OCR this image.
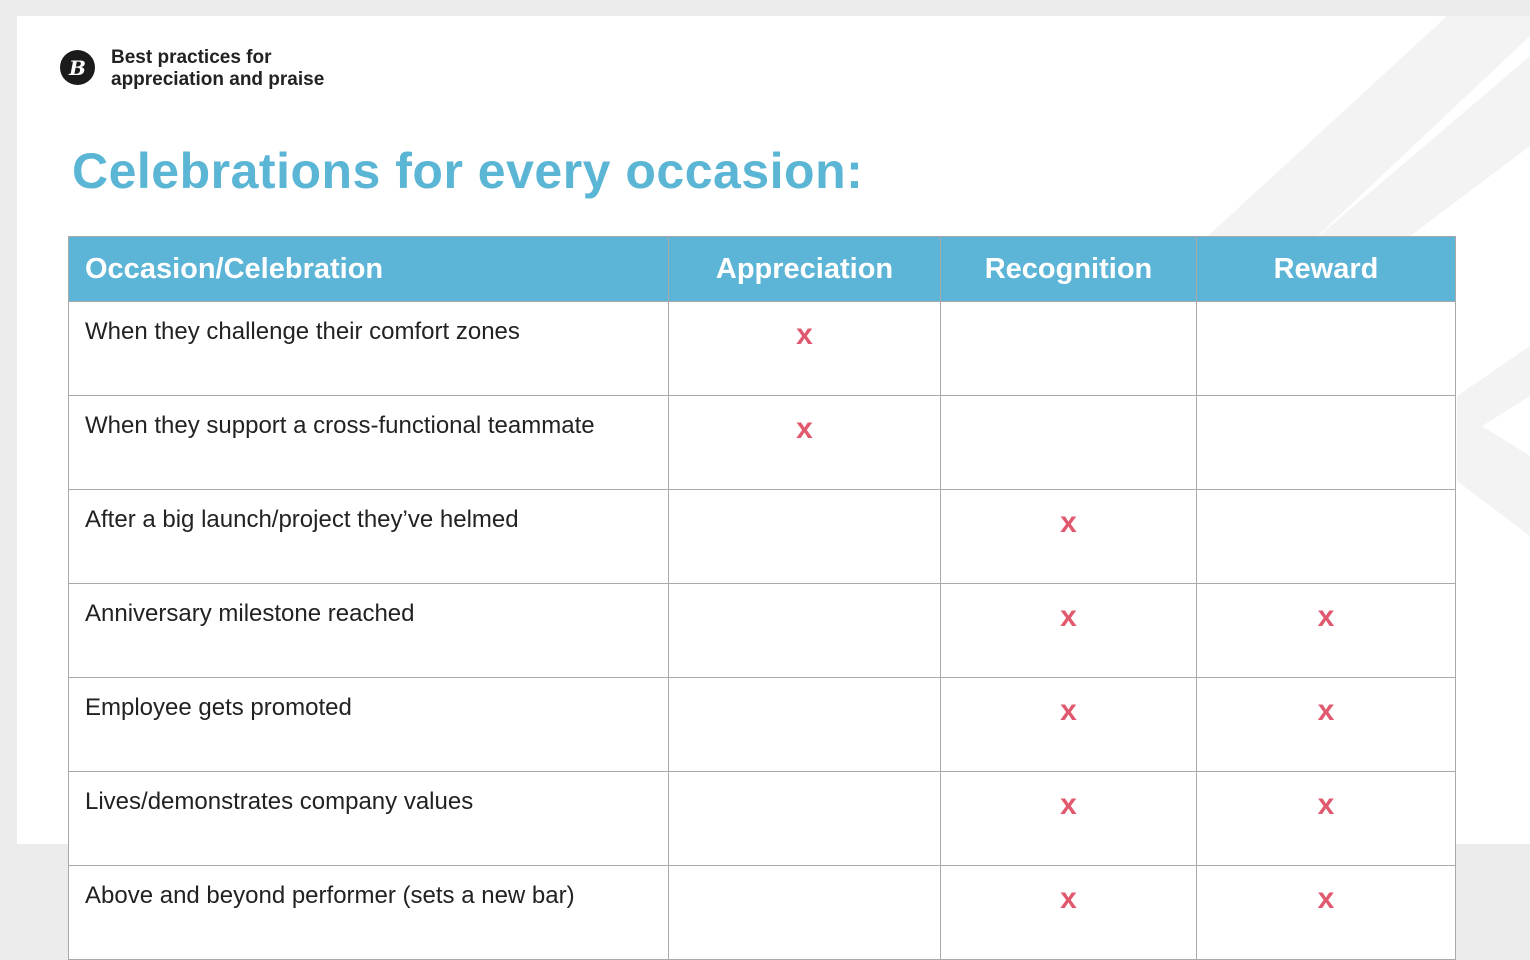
B	Best practices for appreciation and praise
Celebrations for every occasion:
Occasion/Celebration	Appreciation	Recognition	Reward
When they challenge their comfort zones	x		
When they support a cross-functional teammate	x		
After a big launch/project they’ve helmed		x	
Anniversary milestone reached		x	x
Employee gets promoted		x	x
Lives/demonstrates company values		x	x
Above and beyond performer (sets a new bar)		x	x
